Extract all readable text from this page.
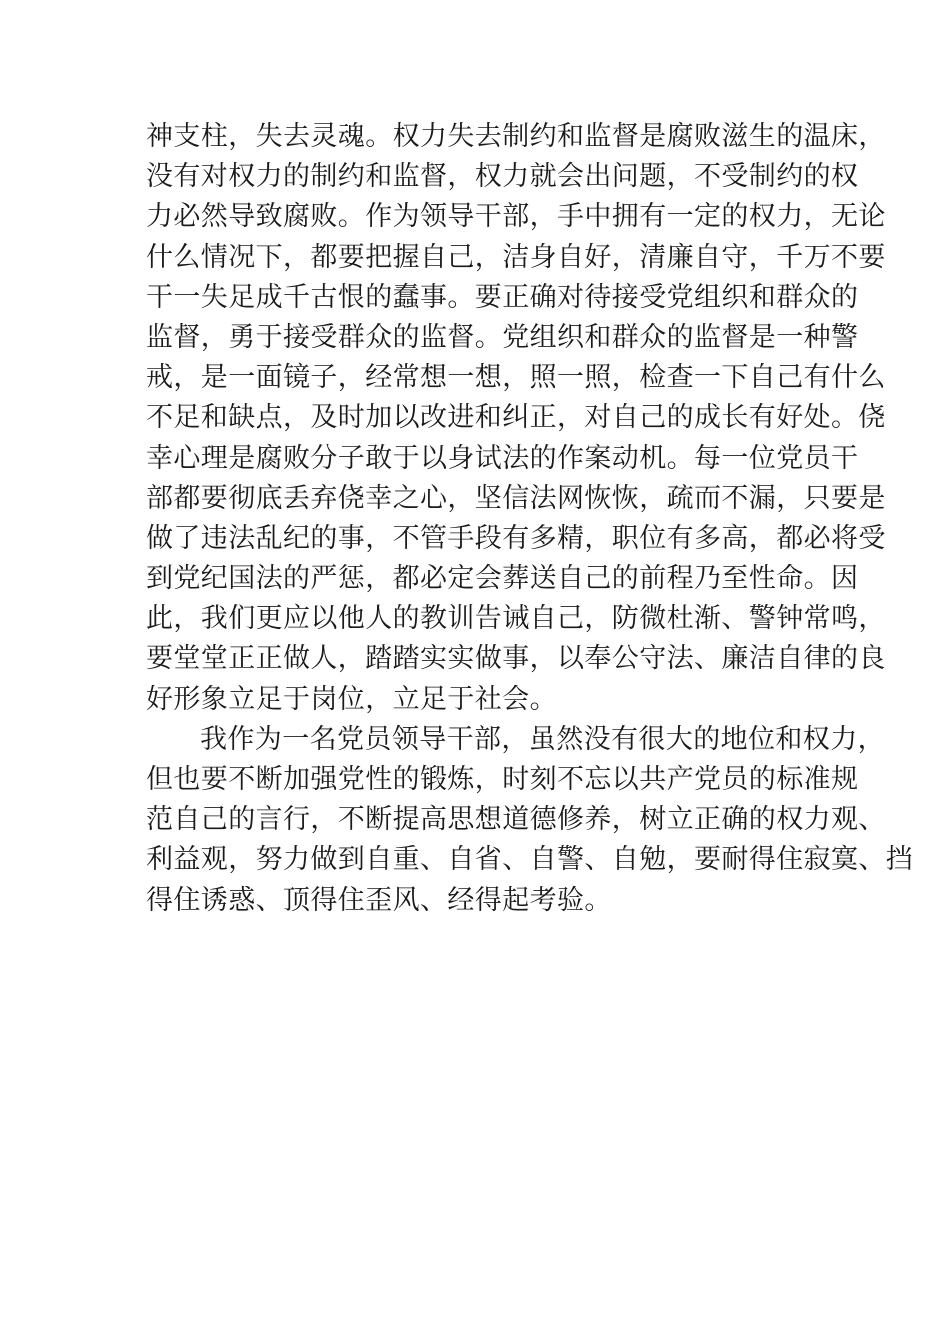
神支柱，失去灵魂。权力失去制约和监督是腐败滋生的温床，
没有对权力的制约和监督，权力就会出问题，不受制约的权
力必然导致腐败。作为领导干部，手中拥有一定的权力，无论
什么情况下，都要把握自己，洁身自好，清廉自守，千万不要
干一失足成千古恨的蠢事。要正确对待接受党组织和群众的
监督，勇于接受群众的监督。党组织和群众的监督是一种警
戒，是一面镜子，经常想一想，照一照，检查一下自己有什么
不足和缺点，及时加以改进和纠正，对自己的成长有好处。侥
幸心理是腐败分子敢于以身试法的作案动机。每一位党员干
部都要彻底丢弃侥幸之心，坚信法网恢恢，疏而不漏，只要是
做了违法乱纪的事，不管手段有多精，职位有多高，都必将受
到党纪国法的严惩，都必定会葬送自己的前程乃至性命。因
此，我们更应以他人的教训告诫自己，防微杜渐、警钟常鸣，
要堂堂正正做人，踏踏实实做事，以奉公守法、廉洁自律的良
好形象立足于岗位，立足于社会。
我作为一名党员领导干部，虽然没有很大的地位和权力，
但也要不断加强党性的锻炼，时刻不忘以共产党员的标准规
范自己的言行，不断提高思想道德修养，树立正确的权力观、
利益观，努力做到自重、自省、自警、自勉，要耐得住寂寞、挡
得住诱惑、顶得住歪风、经得起考验。
